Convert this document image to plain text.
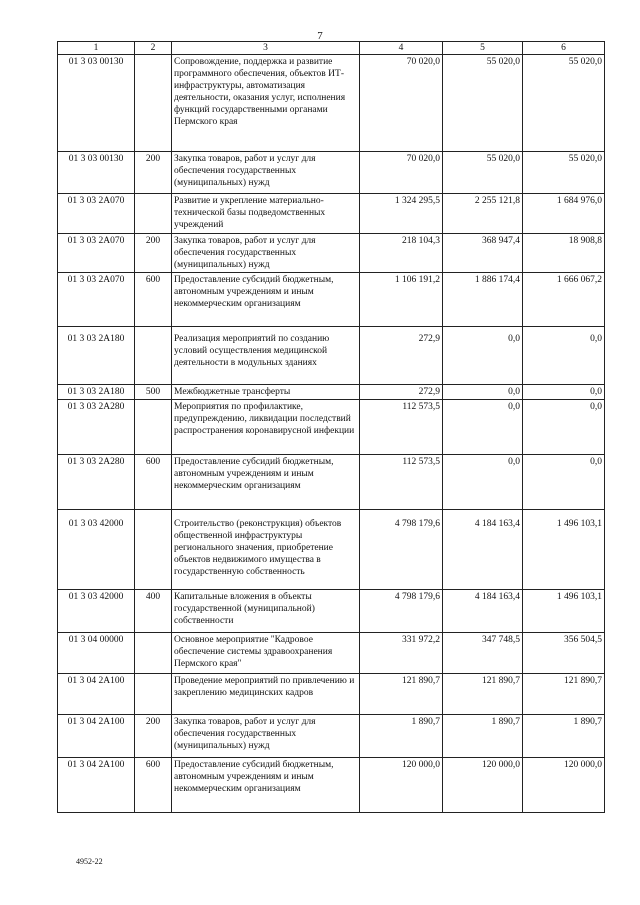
7
1	2	3	4	5	6
01 3 03 00130		Сопровождение, поддержка и развитие программного обеспечения, объектов ИТ-инфраструктуры, автоматизация деятельности, оказания услуг, исполнения функций государственными органами Пермского края	70 020,0	55 020,0	55 020,0
01 3 03 00130	200	Закупка товаров, работ и услуг для обеспечения государственных (муниципальных) нужд	70 020,0	55 020,0	55 020,0
01 3 03 2А070		Развитие и укрепление материально-технической базы подведомственных учреждений	1 324 295,5	2 255 121,8	1 684 976,0
01 3 03 2А070	200	Закупка товаров, работ и услуг для обеспечения государственных (муниципальных) нужд	218 104,3	368 947,4	18 908,8
01 3 03 2А070	600	Предоставление субсидий бюджетным, автономным учреждениям и иным некоммерческим организациям	1 106 191,2	1 886 174,4	1 666 067,2
01 3 03 2А180		Реализация мероприятий по созданию условий осуществления медицинской деятельности в модульных зданиях	272,9	0,0	0,0
01 3 03 2А180	500	Межбюджетные трансферты	272,9	0,0	0,0
01 3 03 2А280		Мероприятия по профилактике, предупреждению, ликвидации последствий распространения коронавирусной инфекции	112 573,5	0,0	0,0
01 3 03 2А280	600	Предоставление субсидий бюджетным, автономным учреждениям и иным некоммерческим организациям	112 573,5	0,0	0,0
01 3 03 42000		Строительство (реконструкция) объектов общественной инфраструктуры регионального значения, приобретение объектов недвижимого имущества в государственную собственность	4 798 179,6	4 184 163,4	1 496 103,1
01 3 03 42000	400	Капитальные вложения в объекты государственной (муниципальной) собственности	4 798 179,6	4 184 163,4	1 496 103,1
01 3 04 00000		Основное мероприятие "Кадровое обеспечение системы здравоохранения Пермского края"	331 972,2	347 748,5	356 504,5
01 3 04 2А100		Проведение мероприятий по привлечению и закреплению медицинских кадров	121 890,7	121 890,7	121 890,7
01 3 04 2А100	200	Закупка товаров, работ и услуг для обеспечения государственных (муниципальных) нужд	1 890,7	1 890,7	1 890,7
01 3 04 2А100	600	Предоставление субсидий бюджетным, автономным учреждениям и иным некоммерческим организациям	120 000,0	120 000,0	120 000,0
4952-22
